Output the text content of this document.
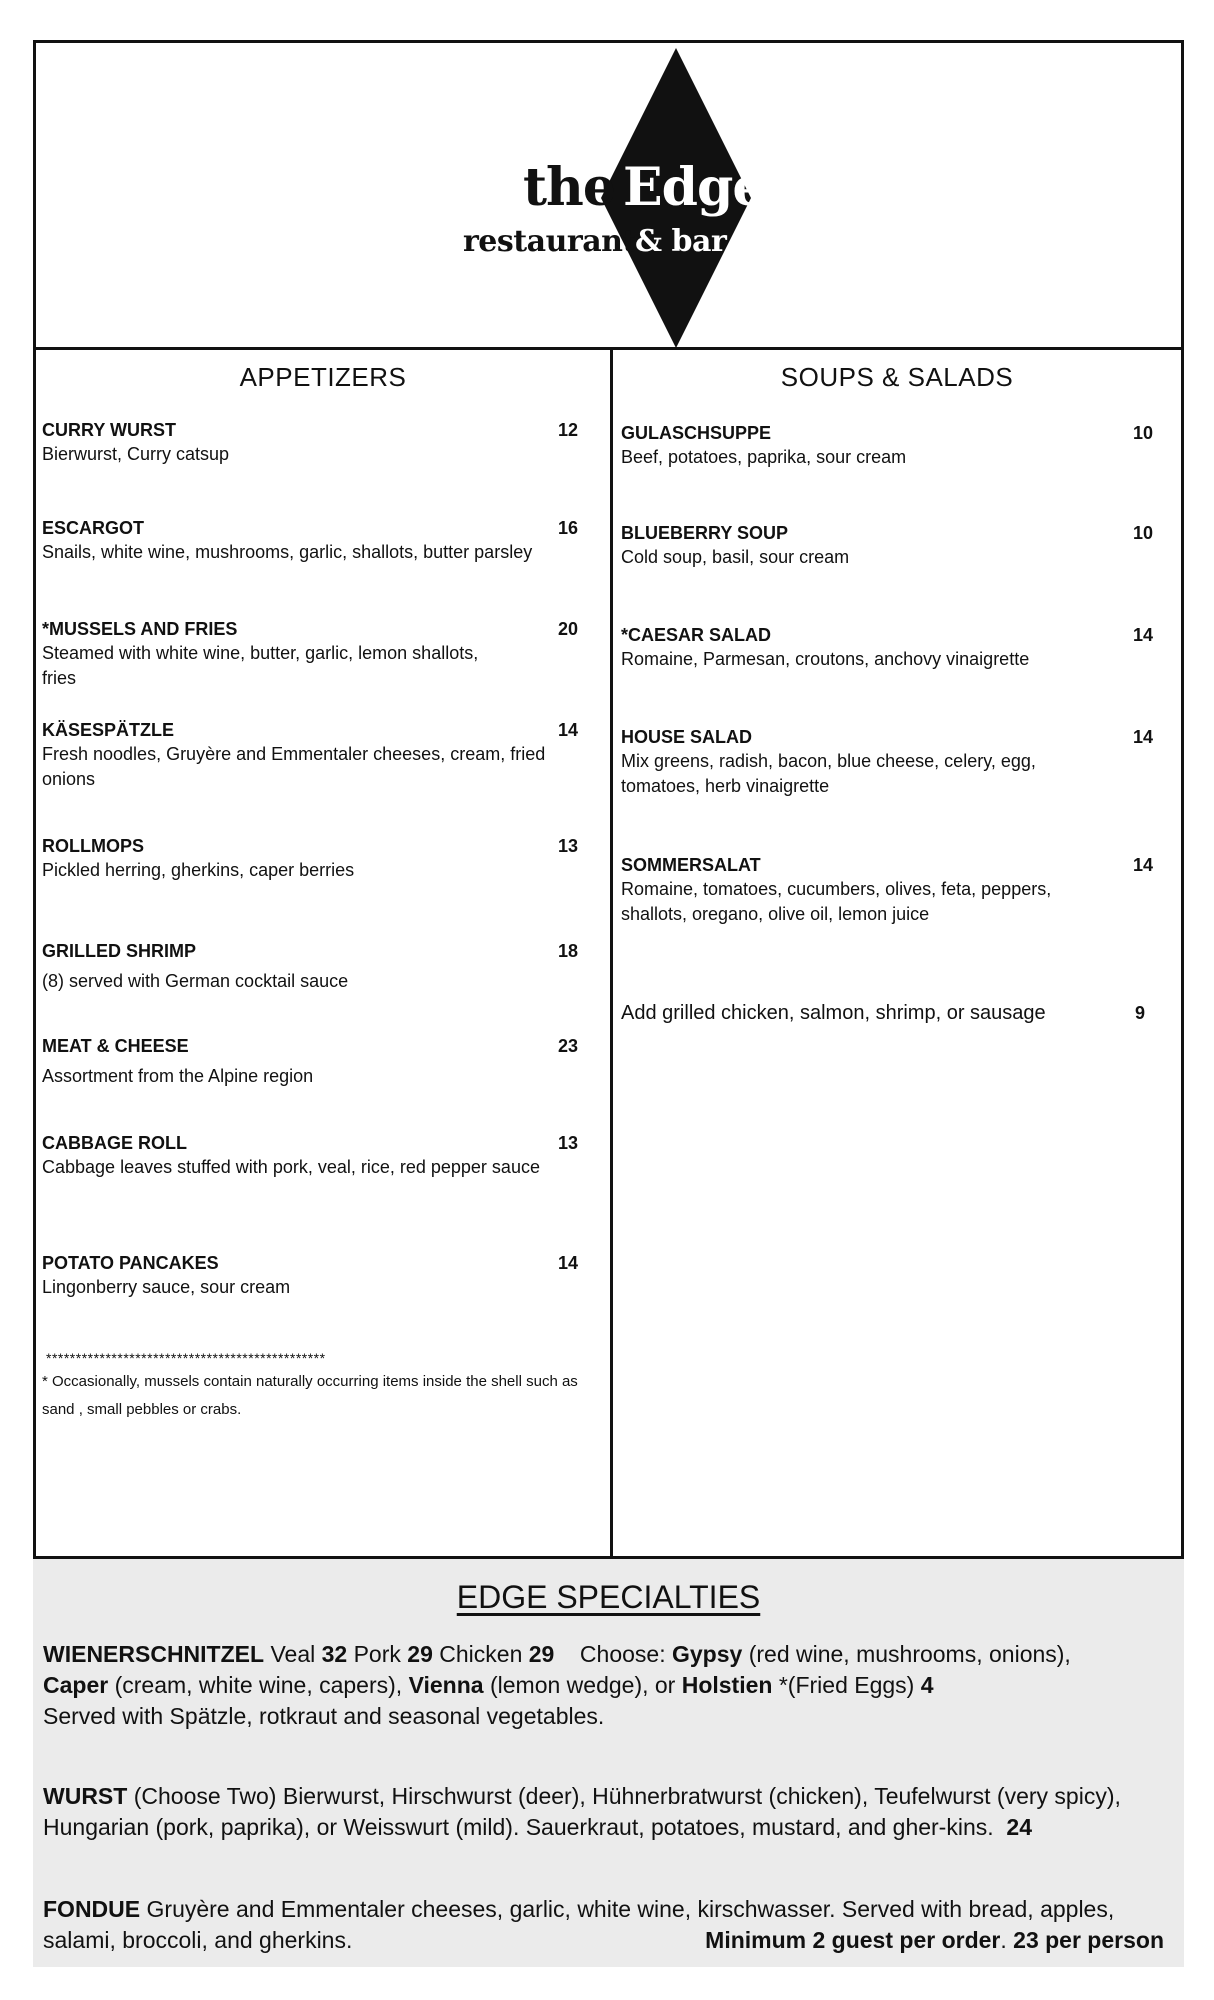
the Edge
restaurant & bar
APPETIZERS
CURRY WURST	12
Bierwurst, Curry catsup
ESCARGOT	16
Snails, white wine, mushrooms, garlic, shallots, butter parsley
*MUSSELS AND FRIES	20
Steamed with white wine, butter, garlic, lemon shallots, fries
KÄSESPÄTZLE	14
Fresh noodles, Gruyère and Emmentaler cheeses, cream, fried onions
ROLLMOPS	13
Pickled herring, gherkins, caper berries
GRILLED SHRIMP	18
(8) served with German cocktail sauce
MEAT & CHEESE	23
Assortment from the Alpine region
CABBAGE ROLL	13
Cabbage leaves stuffed with pork, veal, rice, red pepper sauce
POTATO PANCAKES	14
Lingonberry sauce, sour cream
***********************************************
* Occasionally, mussels contain naturally occurring items inside the shell such as sand , small pebbles or crabs.
SOUPS & SALADS
GULASCHSUPPE	10
Beef, potatoes, paprika, sour cream
BLUEBERRY SOUP	10
Cold soup, basil, sour cream
*CAESAR SALAD	14
Romaine, Parmesan, croutons, anchovy vinaigrette
HOUSE SALAD	14
Mix greens, radish, bacon, blue cheese, celery, egg, tomatoes, herb vinaigrette
SOMMERSALAT	14
Romaine, tomatoes, cucumbers, olives, feta, peppers, shallots, oregano, olive oil, lemon juice
Add grilled chicken, salmon, shrimp, or sausage	9
EDGE SPECIALTIES
WIENERSCHNITZEL Veal 32 Pork 29 Chicken 29 Choose: Gypsy (red wine, mushrooms, onions),
Caper (cream, white wine, capers), Vienna (lemon wedge), or Holstien *(Fried Eggs) 4
Served with Spätzle, rotkraut and seasonal vegetables.
WURST (Choose Two) Bierwurst, Hirschwurst (deer), Hühnerbratwurst (chicken), Teufelwurst (very spicy), Hungarian (pork, paprika), or Weisswurt (mild). Sauerkraut, potatoes, mustard, and gher-kins. 24
FONDUE Gruyère and Emmentaler cheeses, garlic, white wine, kirschwasser. Served with bread, apples, salami, broccoli, and gherkins.	Minimum 2 guest per order. 23 per person
